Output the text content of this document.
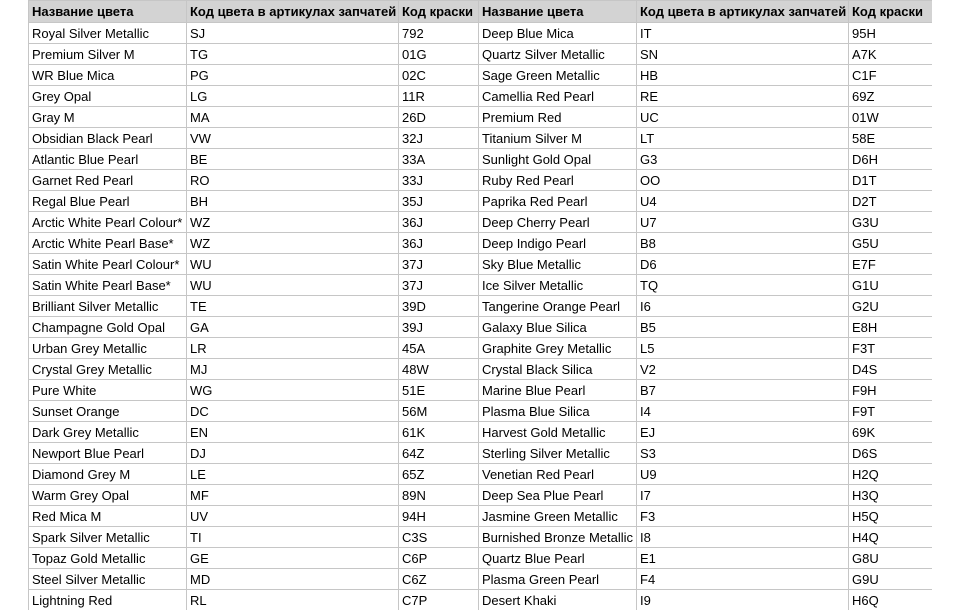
Название цвета	Код цвета в артикулах запчатей	Код краски	Название цвета	Код цвета в артикулах запчатей	Код краски
Royal Silver Metallic	SJ	792	Deep Blue Mica	IT	95H
Premium Silver M	TG	01G	Quartz Silver Metallic	SN	A7K
WR Blue Mica	PG	02C	Sage Green Metallic	HB	C1F
Grey Opal	LG	11R	Camellia Red Pearl	RE	69Z
Gray M	MA	26D	Premium Red	UC	01W
Obsidian Black Pearl	VW	32J	Titanium Silver M	LT	58E
Atlantic Blue Pearl	BE	33A	Sunlight Gold Opal	G3	D6H
Garnet Red Pearl	RO	33J	Ruby Red Pearl	OO	D1T
Regal Blue Pearl	BH	35J	Paprika Red Pearl	U4	D2T
Arctic White Pearl Colour*	WZ	36J	Deep Cherry Pearl	U7	G3U
Arctic White Pearl Base*	WZ	36J	Deep Indigo Pearl	B8	G5U
Satin White Pearl Colour*	WU	37J	Sky Blue Metallic	D6	E7F
Satin White Pearl Base*	WU	37J	Ice Silver Metallic	TQ	G1U
Brilliant Silver Metallic	TE	39D	Tangerine Orange Pearl	I6	G2U
Champagne Gold Opal	GA	39J	Galaxy Blue Silica	B5	E8H
Urban Grey Metallic	LR	45A	Graphite Grey Metallic	L5	F3T
Crystal Grey Metallic	MJ	48W	Crystal Black Silica	V2	D4S
Pure White	WG	51E	Marine Blue Pearl	B7	F9H
Sunset Orange	DC	56M	Plasma Blue Silica	I4	F9T
Dark Grey Metallic	EN	61K	Harvest Gold Metallic	EJ	69K
Newport Blue Pearl	DJ	64Z	Sterling Silver Metallic	S3	D6S
Diamond Grey M	LE	65Z	Venetian Red Pearl	U9	H2Q
Warm Grey Opal	MF	89N	Deep Sea Plue Pearl	I7	H3Q
Red Mica M	UV	94H	Jasmine Green Metallic	F3	H5Q
Spark Silver Metallic	TI	C3S	Burnished Bronze Metallic	I8	H4Q
Topaz Gold Metallic	GE	C6P	Quartz Blue Pearl	E1	G8U
Steel Silver Metallic	MD	C6Z	Plasma Green Pearl	F4	G9U
Lightning Red	RL	C7P	Desert Khaki	I9	H6Q
